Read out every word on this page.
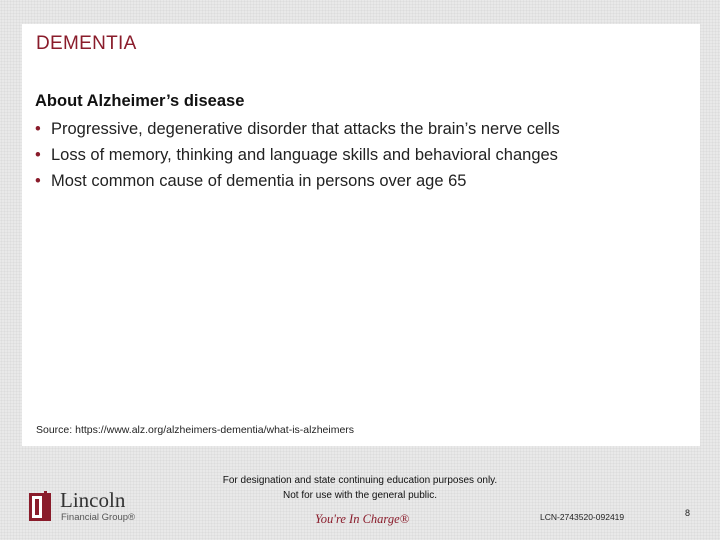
DEMENTIA
About Alzheimer’s disease
• Progressive, degenerative disorder that attacks the brain’s nerve cells
• Loss of memory, thinking and language skills and behavioral changes
• Most common cause of dementia in persons over age 65
Source: https://www.alz.org/alzheimers-dementia/what-is-alzheimers
For designation and state continuing education purposes only.
Not for use with the general public.
Lincoln
Financial Group®	You're In Charge®	LCN-2743520-092419	8
